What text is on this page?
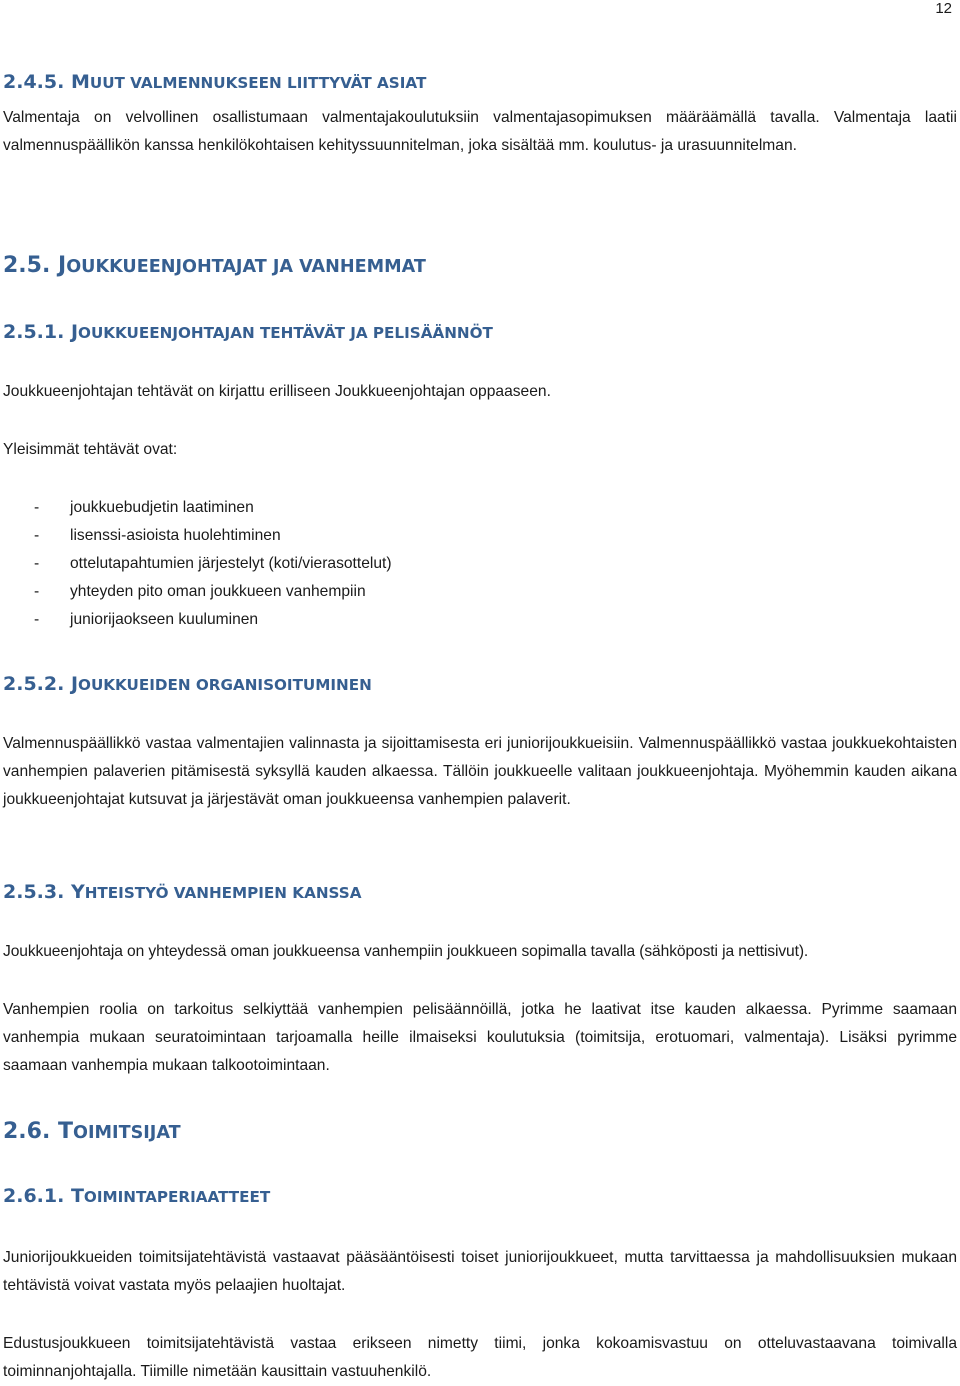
12
2.4.5. MUUT VALMENNUKSEEN LIITTYVÄT ASIAT

Valmentaja on velvollinen osallistumaan valmentajakoulutuksiin valmentajasopimuksen määräämällä tavalla. Valmentaja laatii valmennuspäällikön kanssa henkilökohtaisen kehityssuunnitelman, joka sisältää mm. koulutus- ja urasuunnitelman.

2.5. JOUKKUEENJOHTAJAT JA VANHEMMAT
2.5.1. JOUKKUEENJOHTAJAN TEHTÄVÄT JA PELISÄÄNNÖT

Joukkueenjohtajan tehtävät on kirjattu erilliseen Joukkueenjohtajan oppaaseen.

Yleisimmät tehtävät ovat:

- joukkuebudjetin laatiminen
- lisenssi-asioista huolehtiminen
- ottelutapahtumien järjestelyt (koti/vierasottelut)
- yhteyden pito oman joukkueen vanhempiin
- juniorijaokseen kuuluminen
2.5.2. JOUKKUEIDEN ORGANISOITUMINEN

Valmennuspäällikkö vastaa valmentajien valinnasta ja sijoittamisesta eri juniorijoukkueisiin. Valmennuspäällikkö vastaa joukkuekohtaisten vanhempien palaverien pitämisestä syksyllä kauden alkaessa. Tällöin joukkueelle valitaan joukkueenjohtaja. Myöhemmin kauden aikana joukkueenjohtajat kutsuvat ja järjestävät oman joukkueensa vanhempien palaverit.

2.5.3. YHTEISTYÖ VANHEMPIEN KANSSA

Joukkueenjohtaja on yhteydessä oman joukkueensa vanhempiin joukkueen sopimalla tavalla (sähköposti ja nettisivut).

Vanhempien roolia on tarkoitus selkiyttää vanhempien pelisäännöillä, jotka he laativat itse kauden alkaessa. Pyrimme saamaan vanhempia mukaan seuratoimintaan tarjoamalla heille ilmaiseksi koulutuksia (toimitsija, erotuomari, valmentaja). Lisäksi pyrimme saamaan vanhempia mukaan talkootoimintaan.

2.6. TOIMITSIJAT
2.6.1. TOIMINTAPERIAATTEET

Juniorijoukkueiden toimitsijatehtävistä vastaavat pääsääntöisesti toiset juniorijoukkueet, mutta tarvittaessa ja mahdollisuuksien mukaan tehtävistä voivat vastata myös pelaajien huoltajat.

Edustusjoukkueen toimitsijatehtävistä vastaa erikseen nimetty tiimi, jonka kokoamisvastuu on otteluvastaavana toimivalla toiminnanjohtajalla. Tiimille nimetään kausittain vastuuhenkilö.
